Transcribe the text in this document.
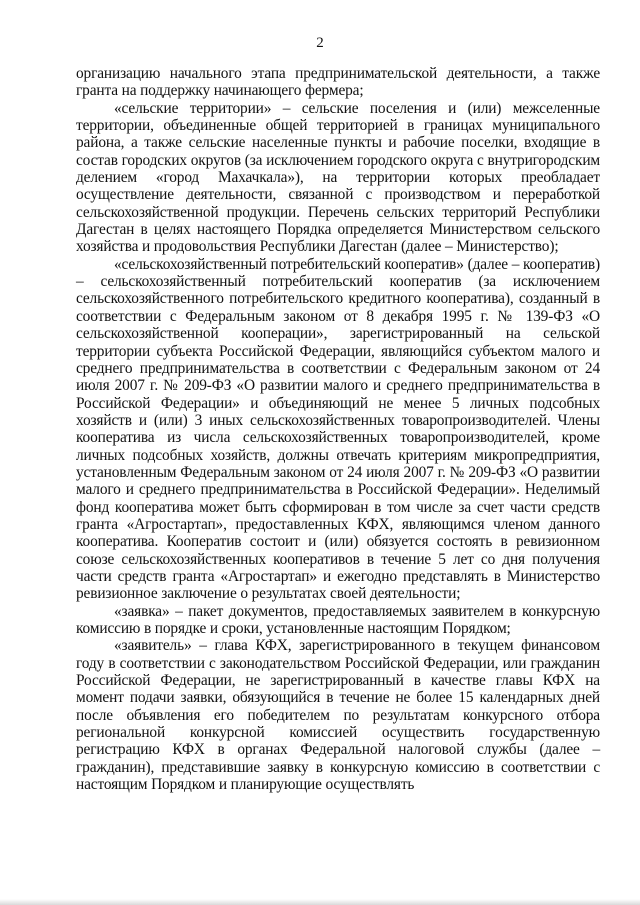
2

организацию начального этапа предпринимательской деятельности, а также гранта на поддержку начинающего фермера;

«сельские территории» – сельские поселения и (или) межселенные территории, объединенные общей территорией в границах муниципального района, а также сельские населенные пункты и рабочие поселки, входящие в состав городских округов (за исключением городского округа с внутригородским делением «город Махачкала»), на территории которых преобладает осуществление деятельности, связанной с производством и переработкой сельскохозяйственной продукции. Перечень сельских территорий Республики Дагестан в целях настоящего Порядка определяется Министерством сельского хозяйства и продовольствия Республики Дагестан (далее – Министерство);

«сельскохозяйственный потребительский кооператив» (далее – кооператив) – сельскохозяйственный потребительский кооператив (за исключением сельскохозяйственного потребительского кредитного кооператива), созданный в соответствии с Федеральным законом от 8 декабря 1995 г. № 139-ФЗ «О сельскохозяйственной кооперации», зарегистрированный на сельской территории субъекта Российской Федерации, являющийся субъектом малого и среднего предпринимательства в соответствии с Федеральным законом от 24 июля 2007 г. № 209-ФЗ «О развитии малого и среднего предпринимательства в Российской Федерации» и объединяющий не менее 5 личных подсобных хозяйств и (или) 3 иных сельскохозяйственных товаропроизводителей. Члены кооператива из числа сельскохозяйственных товаропроизводителей, кроме личных подсобных хозяйств, должны отвечать критериям микропредприятия, установленным Федеральным законом от 24 июля 2007 г. № 209-ФЗ «О развитии малого и среднего предпринимательства в Российской Федерации». Неделимый фонд кооператива может быть сформирован в том числе за счет части средств гранта «Агростартап», предоставленных КФХ, являющимся членом данного кооператива. Кооператив состоит и (или) обязуется состоять в ревизионном союзе сельскохозяйственных кооперативов в течение 5 лет со дня получения части средств гранта «Агростартап» и ежегодно представлять в Министерство ревизионное заключение о результатах своей деятельности;

«заявка» – пакет документов, предоставляемых заявителем в конкурсную комиссию в порядке и сроки, установленные настоящим Порядком;

«заявитель» – глава КФХ, зарегистрированного в текущем финансовом году в соответствии с законодательством Российской Федерации, или гражданин Российской Федерации, не зарегистрированный в качестве главы КФХ на момент подачи заявки, обязующийся в течение не более 15 календарных дней после объявления его победителем по результатам конкурсного отбора региональной конкурсной комиссией осуществить государственную регистрацию КФХ в органах Федеральной налоговой службы (далее – гражданин), представившие заявку в конкурсную комиссию в соответствии с настоящим Порядком и планирующие осуществлять
